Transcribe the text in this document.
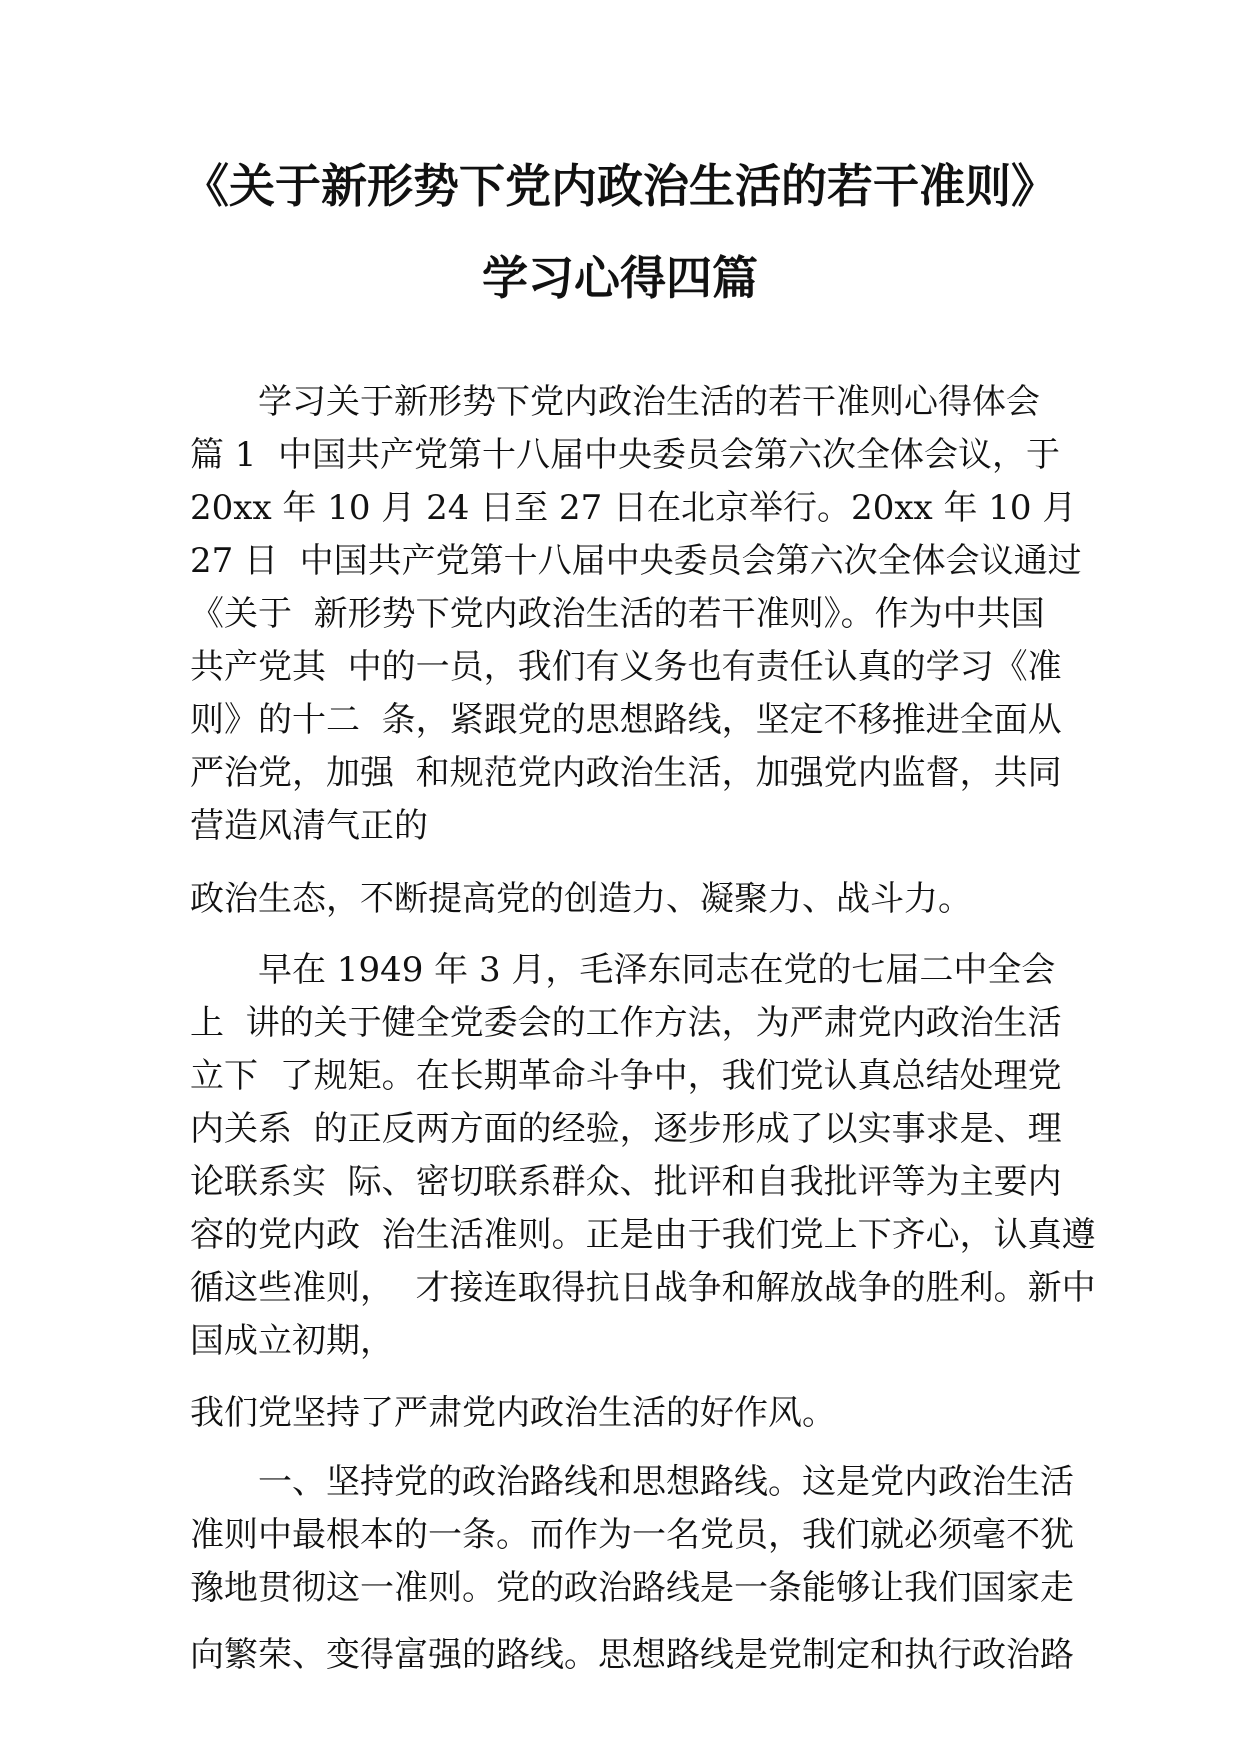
《关于新形势下党内政治生活的若干准则》
学习心得四篇
学习关于新形势下党内政治生活的若干准则心得体会
篇 1  中国共产党第十八届中央委员会第六次全体会议，于
20xx 年 10 月 24 日至 27 日在北京举行。20xx 年 10 月
27 日  中国共产党第十八届中央委员会第六次全体会议通过
《关于  新形势下党内政治生活的若干准则》。作为中共国
共产党其  中的一员，我们有义务也有责任认真的学习《准
则》的十二  条，紧跟党的思想路线，坚定不移推进全面从
严治党，加强  和规范党内政治生活，加强党内监督，共同
营造风清气正的
政治生态，不断提高党的创造力、凝聚力、战斗力。
早在 1949 年 3 月，毛泽东同志在党的七届二中全会
上  讲的关于健全党委会的工作方法，为严肃党内政治生活
立下  了规矩。在长期革命斗争中，我们党认真总结处理党
内关系  的正反两方面的经验，逐步形成了以实事求是、理
论联系实  际、密切联系群众、批评和自我批评等为主要内
容的党内政  治生活准则。正是由于我们党上下齐心，认真遵
循这些准则，  才接连取得抗日战争和解放战争的胜利。新中
国成立初期，
我们党坚持了严肃党内政治生活的好作风。
一、坚持党的政治路线和思想路线。这是党内政治生活
准则中最根本的一条。而作为一名党员，我们就必须毫不犹
豫地贯彻这一准则。党的政治路线是一条能够让我们国家走
向繁荣、变得富强的路线。思想路线是党制定和执行政治路
